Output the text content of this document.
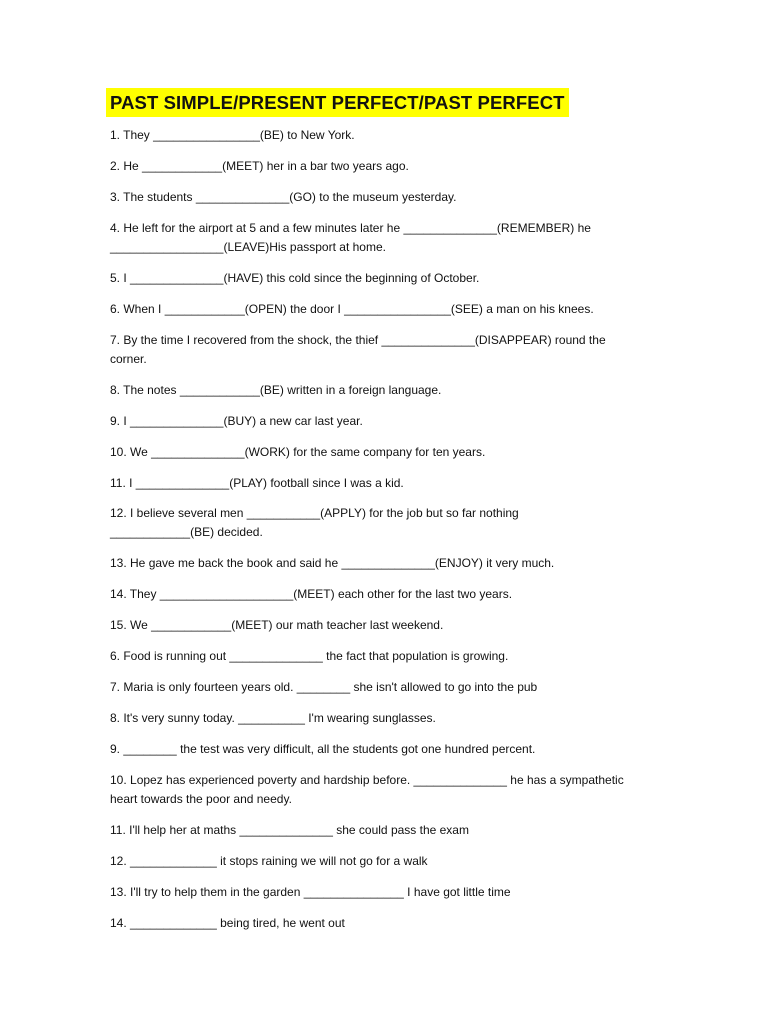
PAST SIMPLE/PRESENT PERFECT/PAST PERFECT
1. They ________________(BE) to New York.
2. He ____________(MEET) her in a bar two years ago.
3. The students ______________(GO) to the museum yesterday.
4. He left for the airport at 5 and a few minutes later he ______________(REMEMBER) he
_________________(LEAVE)His passport at home.
5. I ______________(HAVE) this cold since the beginning of October.
6. When I ____________(OPEN) the door I ________________(SEE) a man on his knees.
7. By the time I recovered from the shock, the thief ______________(DISAPPEAR) round the
corner.
8. The notes ____________(BE) written in a foreign language.
9. I ______________(BUY) a new car last year.
10. We ______________(WORK) for the same company for ten years.
11. I ______________(PLAY) football since I was a kid.
12. I believe several men ___________(APPLY) for the job but so far nothing
____________(BE) decided.
13. He gave me back the book and said he ______________(ENJOY) it very much.
14. They ____________________(MEET) each other for the last two years.
15. We ____________(MEET) our math teacher last weekend.
6. Food is running out ______________ the fact that population is growing.
7. Maria is only fourteen years old. ________ she isn't allowed to go into the pub
8. It's very sunny today. __________ I'm wearing sunglasses.
9. ________ the test was very difficult, all the students got one hundred percent.
10. Lopez has experienced poverty and hardship before. ______________ he has a sympathetic
heart towards the poor and needy.
11. I'll help her at maths ______________ she could pass the exam
12. _____________ it stops raining we will not go for a walk
13. I'll try to help them in the garden _______________ I have got little time
14. _____________ being tired, he went out
